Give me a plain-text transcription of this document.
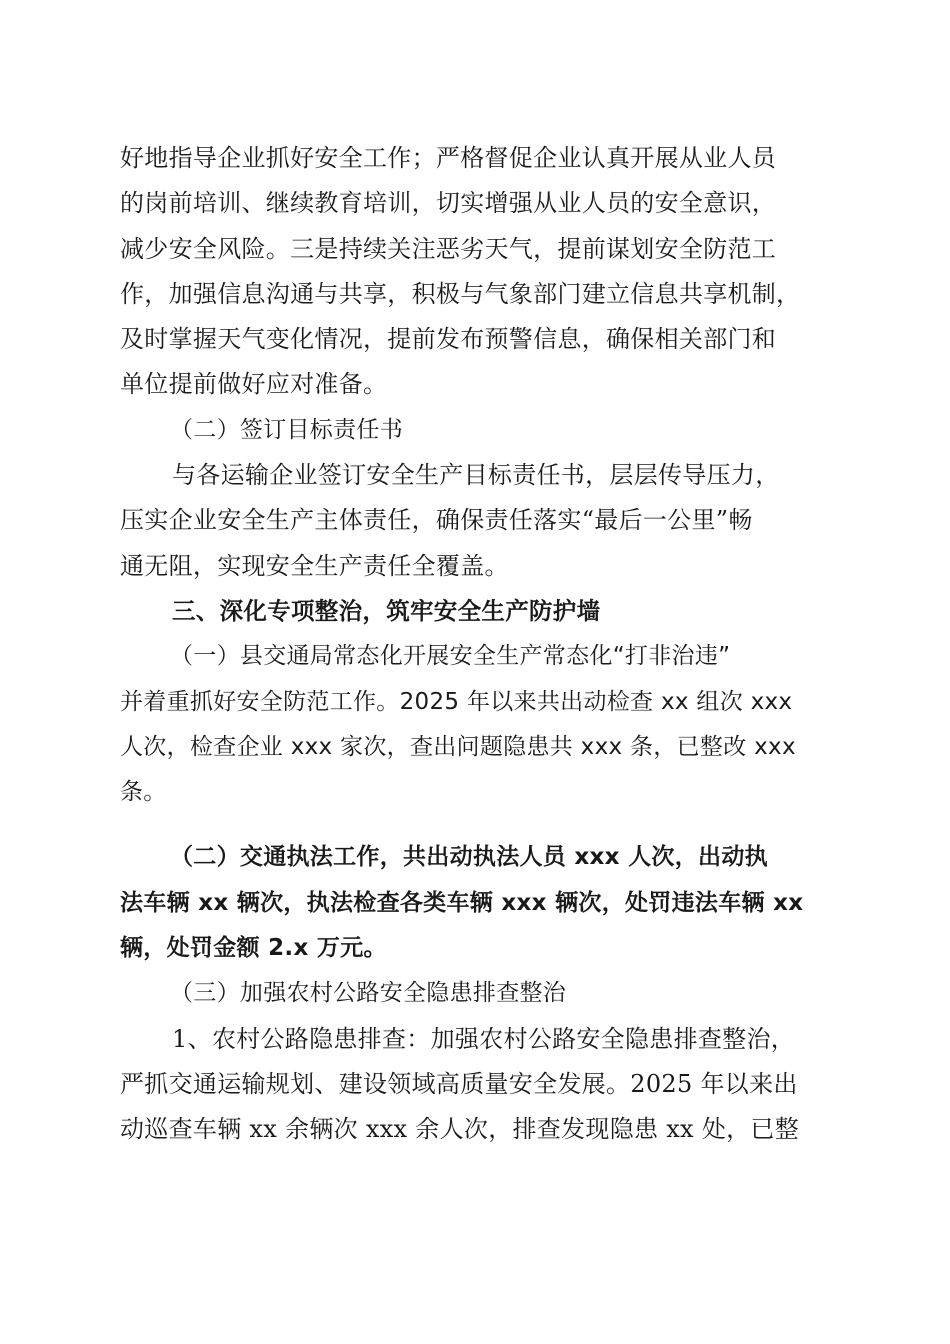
好地指导企业抓好安全工作；严格督促企业认真开展从业人员
的岗前培训、继续教育培训，切实增强从业人员的安全意识，
减少安全风险。三是持续关注恶劣天气，提前谋划安全防范工
作，加强信息沟通与共享，积极与气象部门建立信息共享机制，
及时掌握天气变化情况，提前发布预警信息，确保相关部门和
单位提前做好应对准备。
（二）签订目标责任书
与各运输企业签订安全生产目标责任书，层层传导压力，
压实企业安全生产主体责任，确保责任落实“最后一公里”畅
通无阻，实现安全生产责任全覆盖。
三、深化专项整治，筑牢安全生产防护墙
（一）县交通局常态化开展安全生产常态化“打非治违”
并着重抓好安全防范工作。2025 年以来共出动检查 xx 组次 xxx
人次，检查企业 xxx 家次，查出问题隐患共 xxx 条，已整改 xxx
条。
（二）交通执法工作，共出动执法人员 xxx 人次，出动执
法车辆 xx 辆次，执法检查各类车辆 xxx 辆次，处罚违法车辆 xx
辆，处罚金额 2.x 万元。
（三）加强农村公路安全隐患排查整治
1、农村公路隐患排查：加强农村公路安全隐患排查整治，
严抓交通运输规划、建设领域高质量安全发展。2025 年以来出
动巡查车辆 xx 余辆次 xxx 余人次，排查发现隐患 xx 处，已整
